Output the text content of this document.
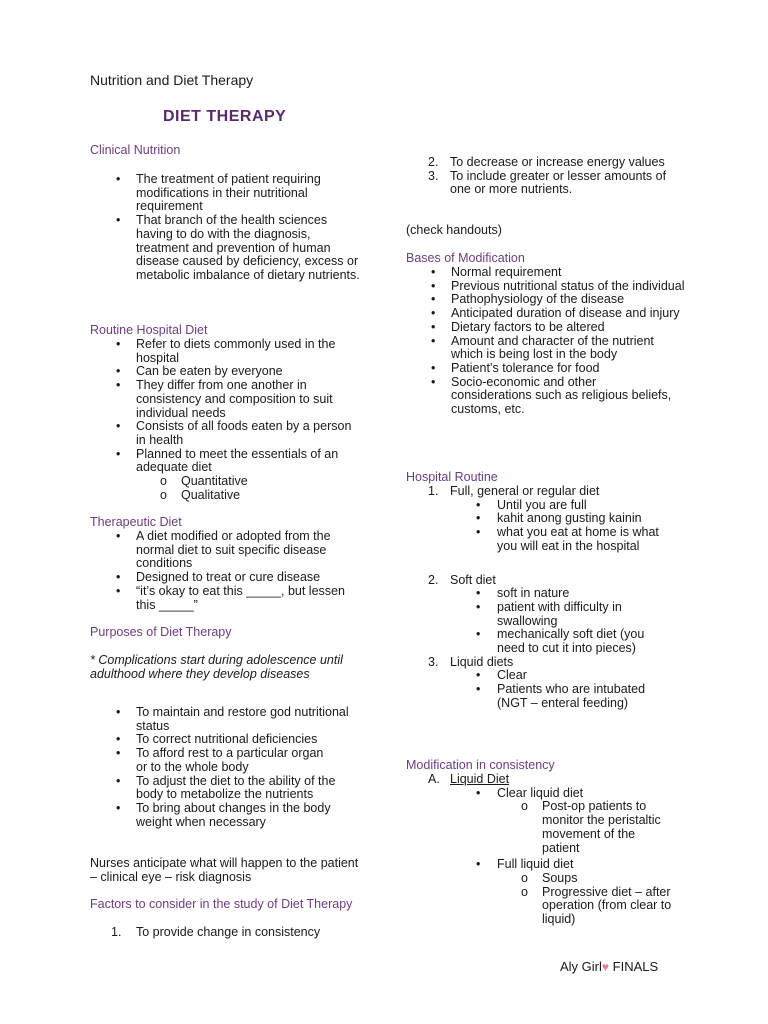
Nutrition and Diet Therapy
DIET THERAPY
Clinical Nutrition
• The treatment of patient requiring modifications in their nutritional requirement
• That branch of the health sciences having to do with the diagnosis, treatment and prevention of human disease caused by deficiency, excess or metabolic imbalance of dietary nutrients.
Routine Hospital Diet
• Refer to diets commonly used in the hospital
• Can be eaten by everyone
• They differ from one another in consistency and composition to suit individual needs
• Consists of all foods eaten by a person in health
• Planned to meet the essentials of an adequate diet
o Quantitative
o Qualitative
Therapeutic Diet
• A diet modified or adopted from the normal diet to suit specific disease conditions
• Designed to treat or cure disease
• “it’s okay to eat this _____, but lessen this _____”
Purposes of Diet Therapy
* Complications start during adolescence until adulthood where they develop diseases
• To maintain and restore god nutritional status
• To correct nutritional deficiencies
• To afford rest to a particular organ or to the whole body
• To adjust the diet to the ability of the body to metabolize the nutrients
• To bring about changes in the body weight when necessary
Nurses anticipate what will happen to the patient – clinical eye – risk diagnosis
Factors to consider in the study of Diet Therapy
1. To provide change in consistency
2. To decrease or increase energy values
3. To include greater or lesser amounts of one or more nutrients.
(check handouts)
Bases of Modification
• Normal requirement
• Previous nutritional status of the individual
• Pathophysiology of the disease
• Anticipated duration of disease and injury
• Dietary factors to be altered
• Amount and character of the nutrient which is being lost in the body
• Patient’s tolerance for food
• Socio-economic and other considerations such as religious beliefs, customs, etc.
Hospital Routine
1. Full, general or regular diet
• Until you are full
• kahit anong gusting kainin
• what you eat at home is what you will eat in the hospital
2. Soft diet
• soft in nature
• patient with difficulty in swallowing
• mechanically soft diet (you need to cut it into pieces)
3. Liquid diets
• Clear
• Patients who are intubated (NGT – enteral feeding)
Modification in consistency
A. Liquid Diet
• Clear liquid diet
o Post-op patients to monitor the peristaltic movement of the patient
• Full liquid diet
o Soups
o Progressive diet – after operation (from clear to liquid)
Aly Girl♥ FINALS
